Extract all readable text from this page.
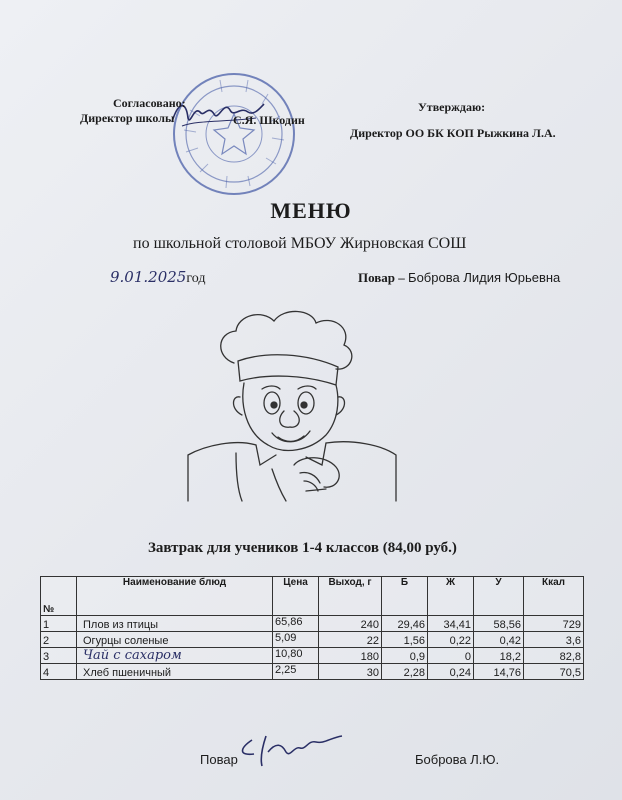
Согласовано:
Директор школы	С.Я. Шкодин
Утверждаю:
Директор ОО БК КОП Рыжкина Л.А.
МЕНЮ
по школьной столовой МБОУ Жирновская СОШ
9.01.2025год	Повар – Боброва Лидия Юрьевна
Завтрак для учеников 1-4 классов (84,00 руб.)
№	Наименование блюд	Цена	Выход, г	Б	Ж	У	Ккал
1	Плов из птицы	65,86	240	29,46	34,41	58,56	729
2	Огурцы соленые	5,09	22	1,56	0,22	0,42	3,6
3	Чай с сахаром	10,80	180	0,9	0	18,2	82,8
4	Хлеб пшеничный	2,25	30	2,28	0,24	14,76	70,5
Повар	Боброва Л.Ю.
